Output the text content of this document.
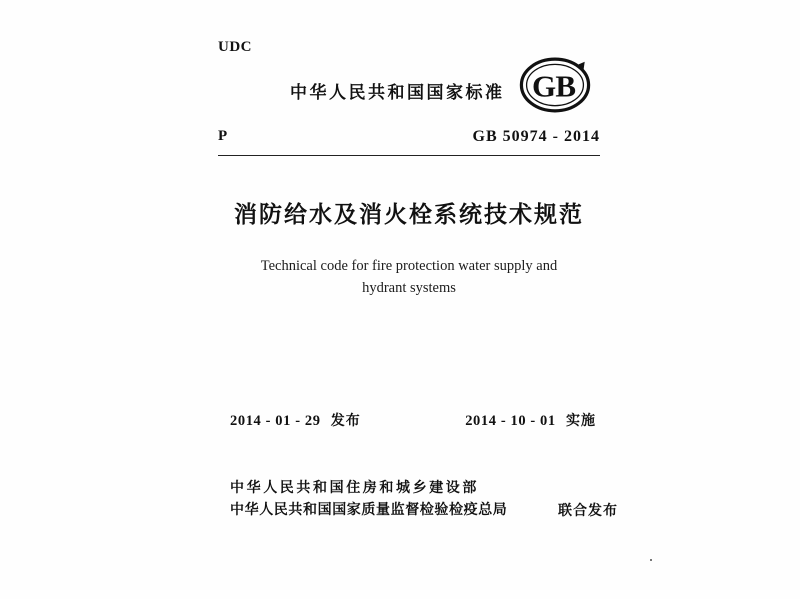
UDC
中华人民共和国国家标准 GB
P	GB 50974 - 2014
消防给水及消火栓系统技术规范
Technical code for fire protection water supply and
hydrant systems
2014 - 01 - 29 发布	2014 - 10 - 01 实施
中华人民共和国住房和城乡建设部
中华人民共和国国家质量监督检验检疫总局	联合发布
